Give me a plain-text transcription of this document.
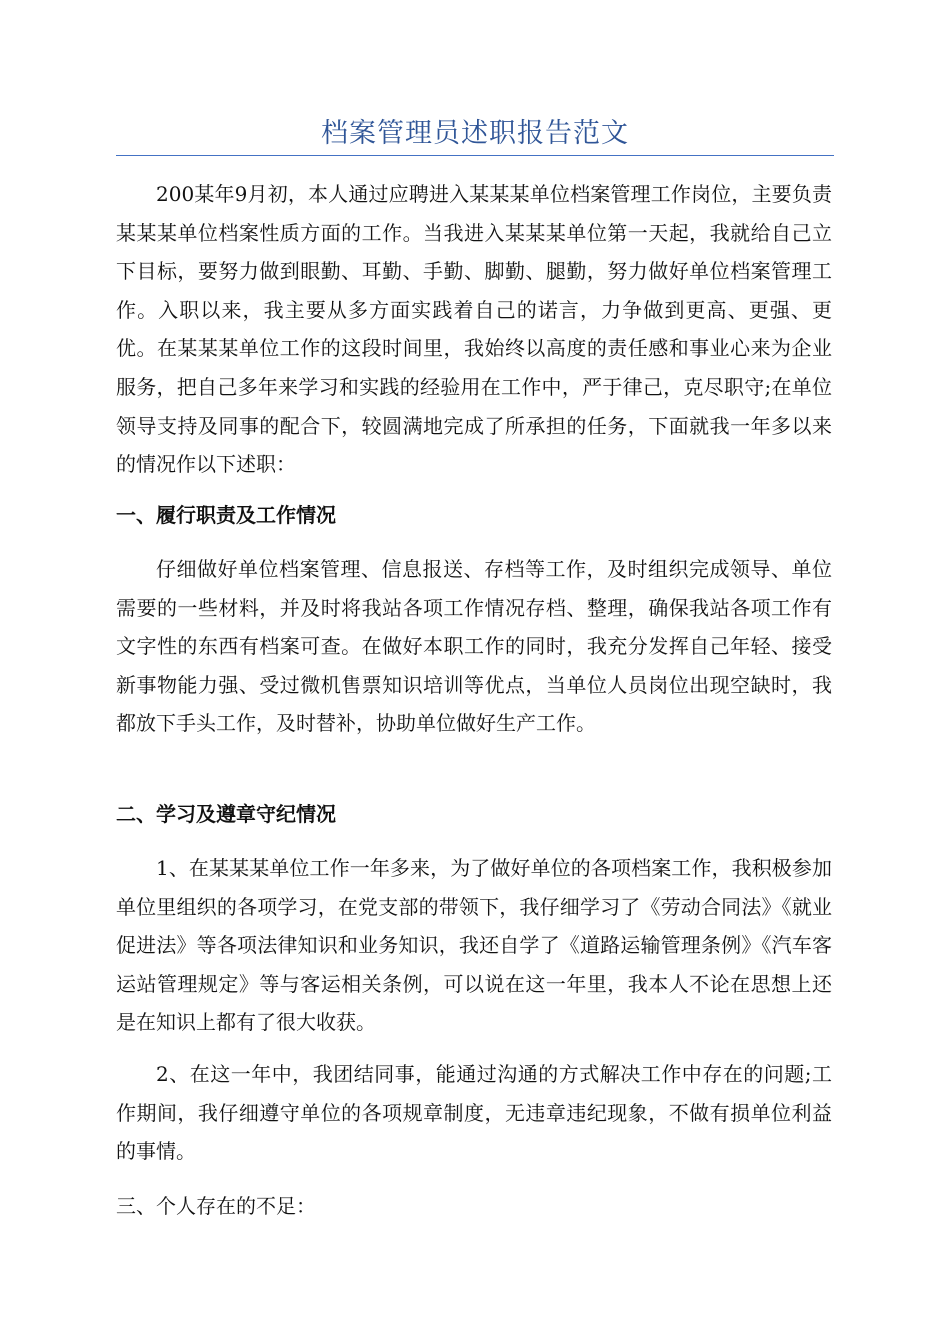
档案管理员述职报告范文

200某年9月初，本人通过应聘进入某某某单位档案管理工作岗位，主要负责某某某单位档案性质方面的工作。当我进入某某某单位第一天起，我就给自己立下目标，要努力做到眼勤、耳勤、手勤、脚勤、腿勤，努力做好单位档案管理工作。入职以来，我主要从多方面实践着自己的诺言，力争做到更高、更强、更优。在某某某单位工作的这段时间里，我始终以高度的责任感和事业心来为企业服务，把自己多年来学习和实践的经验用在工作中，严于律己，克尽职守;在单位领导支持及同事的配合下，较圆满地完成了所承担的任务，下面就我一年多以来的情况作以下述职：

一、履行职责及工作情况

仔细做好单位档案管理、信息报送、存档等工作，及时组织完成领导、单位需要的一些材料，并及时将我站各项工作情况存档、整理，确保我站各项工作有文字性的东西有档案可查。在做好本职工作的同时，我充分发挥自己年轻、接受新事物能力强、受过微机售票知识培训等优点，当单位人员岗位出现空缺时，我都放下手头工作，及时替补，协助单位做好生产工作。

二、学习及遵章守纪情况

1、在某某某单位工作一年多来，为了做好单位的各项档案工作，我积极参加单位里组织的各项学习，在党支部的带领下，我仔细学习了《劳动合同法》《就业促进法》等各项法律知识和业务知识，我还自学了《道路运输管理条例》《汽车客运站管理规定》等与客运相关条例，可以说在这一年里，我本人不论在思想上还是在知识上都有了很大收获。

2、在这一年中，我团结同事，能通过沟通的方式解决工作中存在的问题;工作期间，我仔细遵守单位的各项规章制度，无违章违纪现象，不做有损单位利益的事情。

三、个人存在的不足：
